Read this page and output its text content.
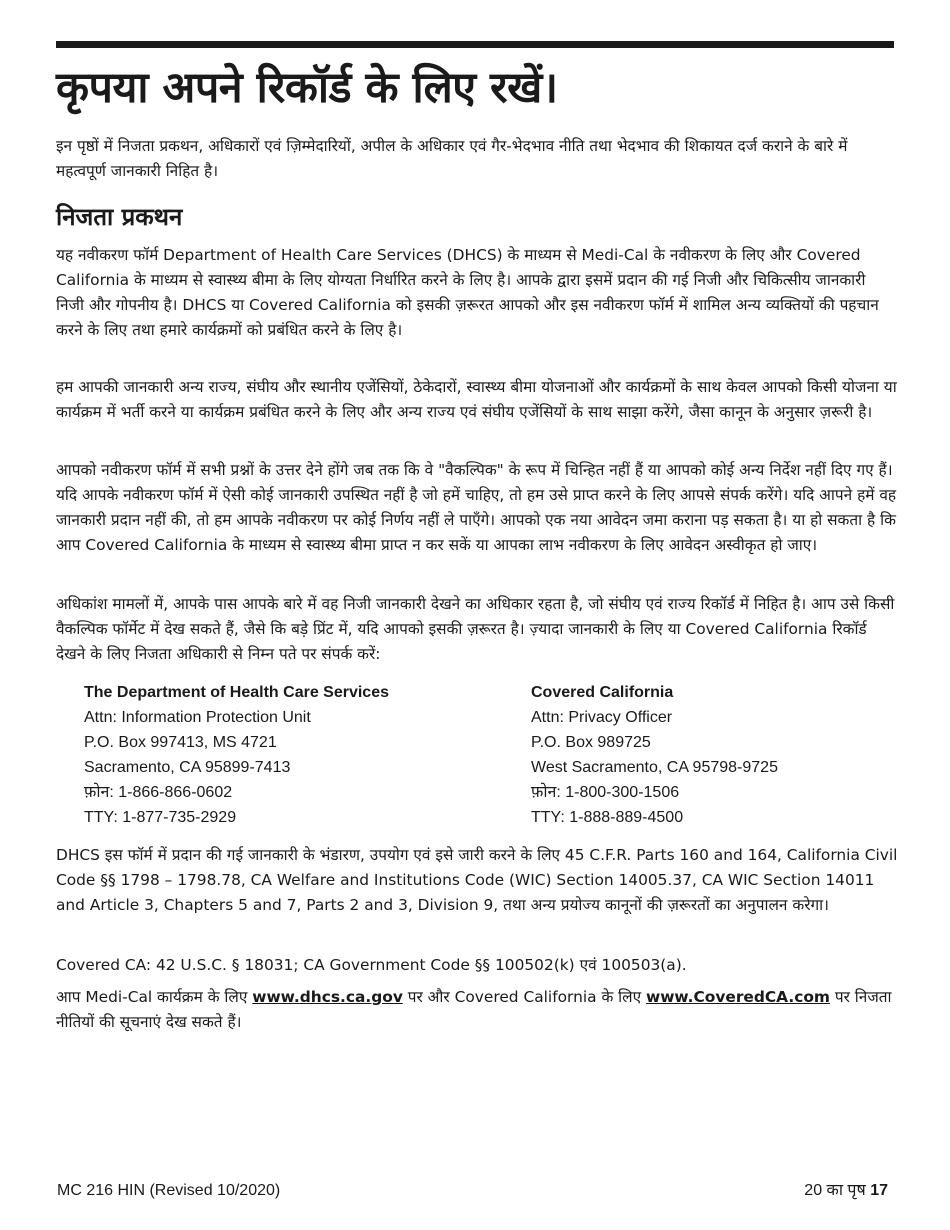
कृपया अपने रिकॉर्ड के लिए रखें।
इन पृष्ठों में निजता प्रकथन, अधिकारों एवं ज़िम्मेदारियों, अपील के अधिकार एवं गैर-भेदभाव नीति तथा भेदभाव की शिकायत दर्ज कराने के बारे में महत्वपूर्ण जानकारी निहित है।
निजता प्रकथन
यह नवीकरण फॉर्म Department of Health Care Services (DHCS) के माध्यम से Medi-Cal के नवीकरण के लिए और Covered California के माध्यम से स्वास्थ्य बीमा के लिए योग्यता निर्धारित करने के लिए है। आपके द्वारा इसमें प्रदान की गई निजी और चिकित्सीय जानकारी निजी और गोपनीय है। DHCS या Covered California को इसकी ज़रूरत आपको और इस नवीकरण फॉर्म में शामिल अन्य व्यक्तियों की पहचान करने के लिए तथा हमारे कार्यक्रमों को प्रबंधित करने के लिए है।
हम आपकी जानकारी अन्य राज्य, संघीय और स्थानीय एजेंसियों, ठेकेदारों, स्वास्थ्य बीमा योजनाओं और कार्यक्रमों के साथ केवल आपको किसी योजना या कार्यक्रम में भर्ती करने या कार्यक्रम प्रबंधित करने के लिए और अन्य राज्य एवं संघीय एजेंसियों के साथ साझा करेंगे, जैसा कानून के अनुसार ज़रूरी है।
आपको नवीकरण फॉर्म में सभी प्रश्नों के उत्तर देने होंगे जब तक कि वे "वैकल्पिक" के रूप में चिन्हित नहीं हैं या आपको कोई अन्य निर्देश नहीं दिए गए हैं। यदि आपके नवीकरण फॉर्म में ऐसी कोई जानकारी उपस्थित नहीं है जो हमें चाहिए, तो हम उसे प्राप्त करने के लिए आपसे संपर्क करेंगे। यदि आपने हमें वह जानकारी प्रदान नहीं की, तो हम आपके नवीकरण पर कोई निर्णय नहीं ले पाएँगे। आपको एक नया आवेदन जमा कराना पड़ सकता है। या हो सकता है कि आप Covered California के माध्यम से स्वास्थ्य बीमा प्राप्त न कर सकें या आपका लाभ नवीकरण के लिए आवेदन अस्वीकृत हो जाए।
अधिकांश मामलों में, आपके पास आपके बारे में वह निजी जानकारी देखने का अधिकार रहता है, जो संघीय एवं राज्य रिकॉर्ड में निहित है। आप उसे किसी वैकल्पिक फॉर्मेट में देख सकते हैं, जैसे कि बड़े प्रिंट में, यदि आपको इसकी ज़रूरत है। ज़्यादा जानकारी के लिए या Covered California रिकॉर्ड देखने के लिए निजता अधिकारी से निम्न पते पर संपर्क करें:
The Department of Health Care Services
Attn: Information Protection Unit
P.O. Box 997413, MS 4721
Sacramento, CA 95899-7413
फ़ोन: 1-866-866-0602
TTY: 1-877-735-2929
Covered California
Attn: Privacy Officer
P.O. Box 989725
West Sacramento, CA 95798-9725
फ़ोन: 1-800-300-1506
TTY: 1-888-889-4500
DHCS इस फॉर्म में प्रदान की गई जानकारी के भंडारण, उपयोग एवं इसे जारी करने के लिए 45 C.F.R. Parts 160 and 164, California Civil Code §§ 1798 – 1798.78, CA Welfare and Institutions Code (WIC) Section 14005.37, CA WIC Section 14011 and Article 3, Chapters 5 and 7, Parts 2 and 3, Division 9, तथा अन्य प्रयोज्य कानूनों की ज़रूरतों का अनुपालन करेगा।
Covered CA: 42 U.S.C. § 18031; CA Government Code §§ 100502(k) एवं 100503(a).
आप Medi-Cal कार्यक्रम के लिए www.dhcs.ca.gov पर और Covered California के लिए www.CoveredCA.com पर निजता नीतियों की सूचनाएं देख सकते हैं।
MC 216 HIN (Revised 10/2020)	20 का पृष 17
